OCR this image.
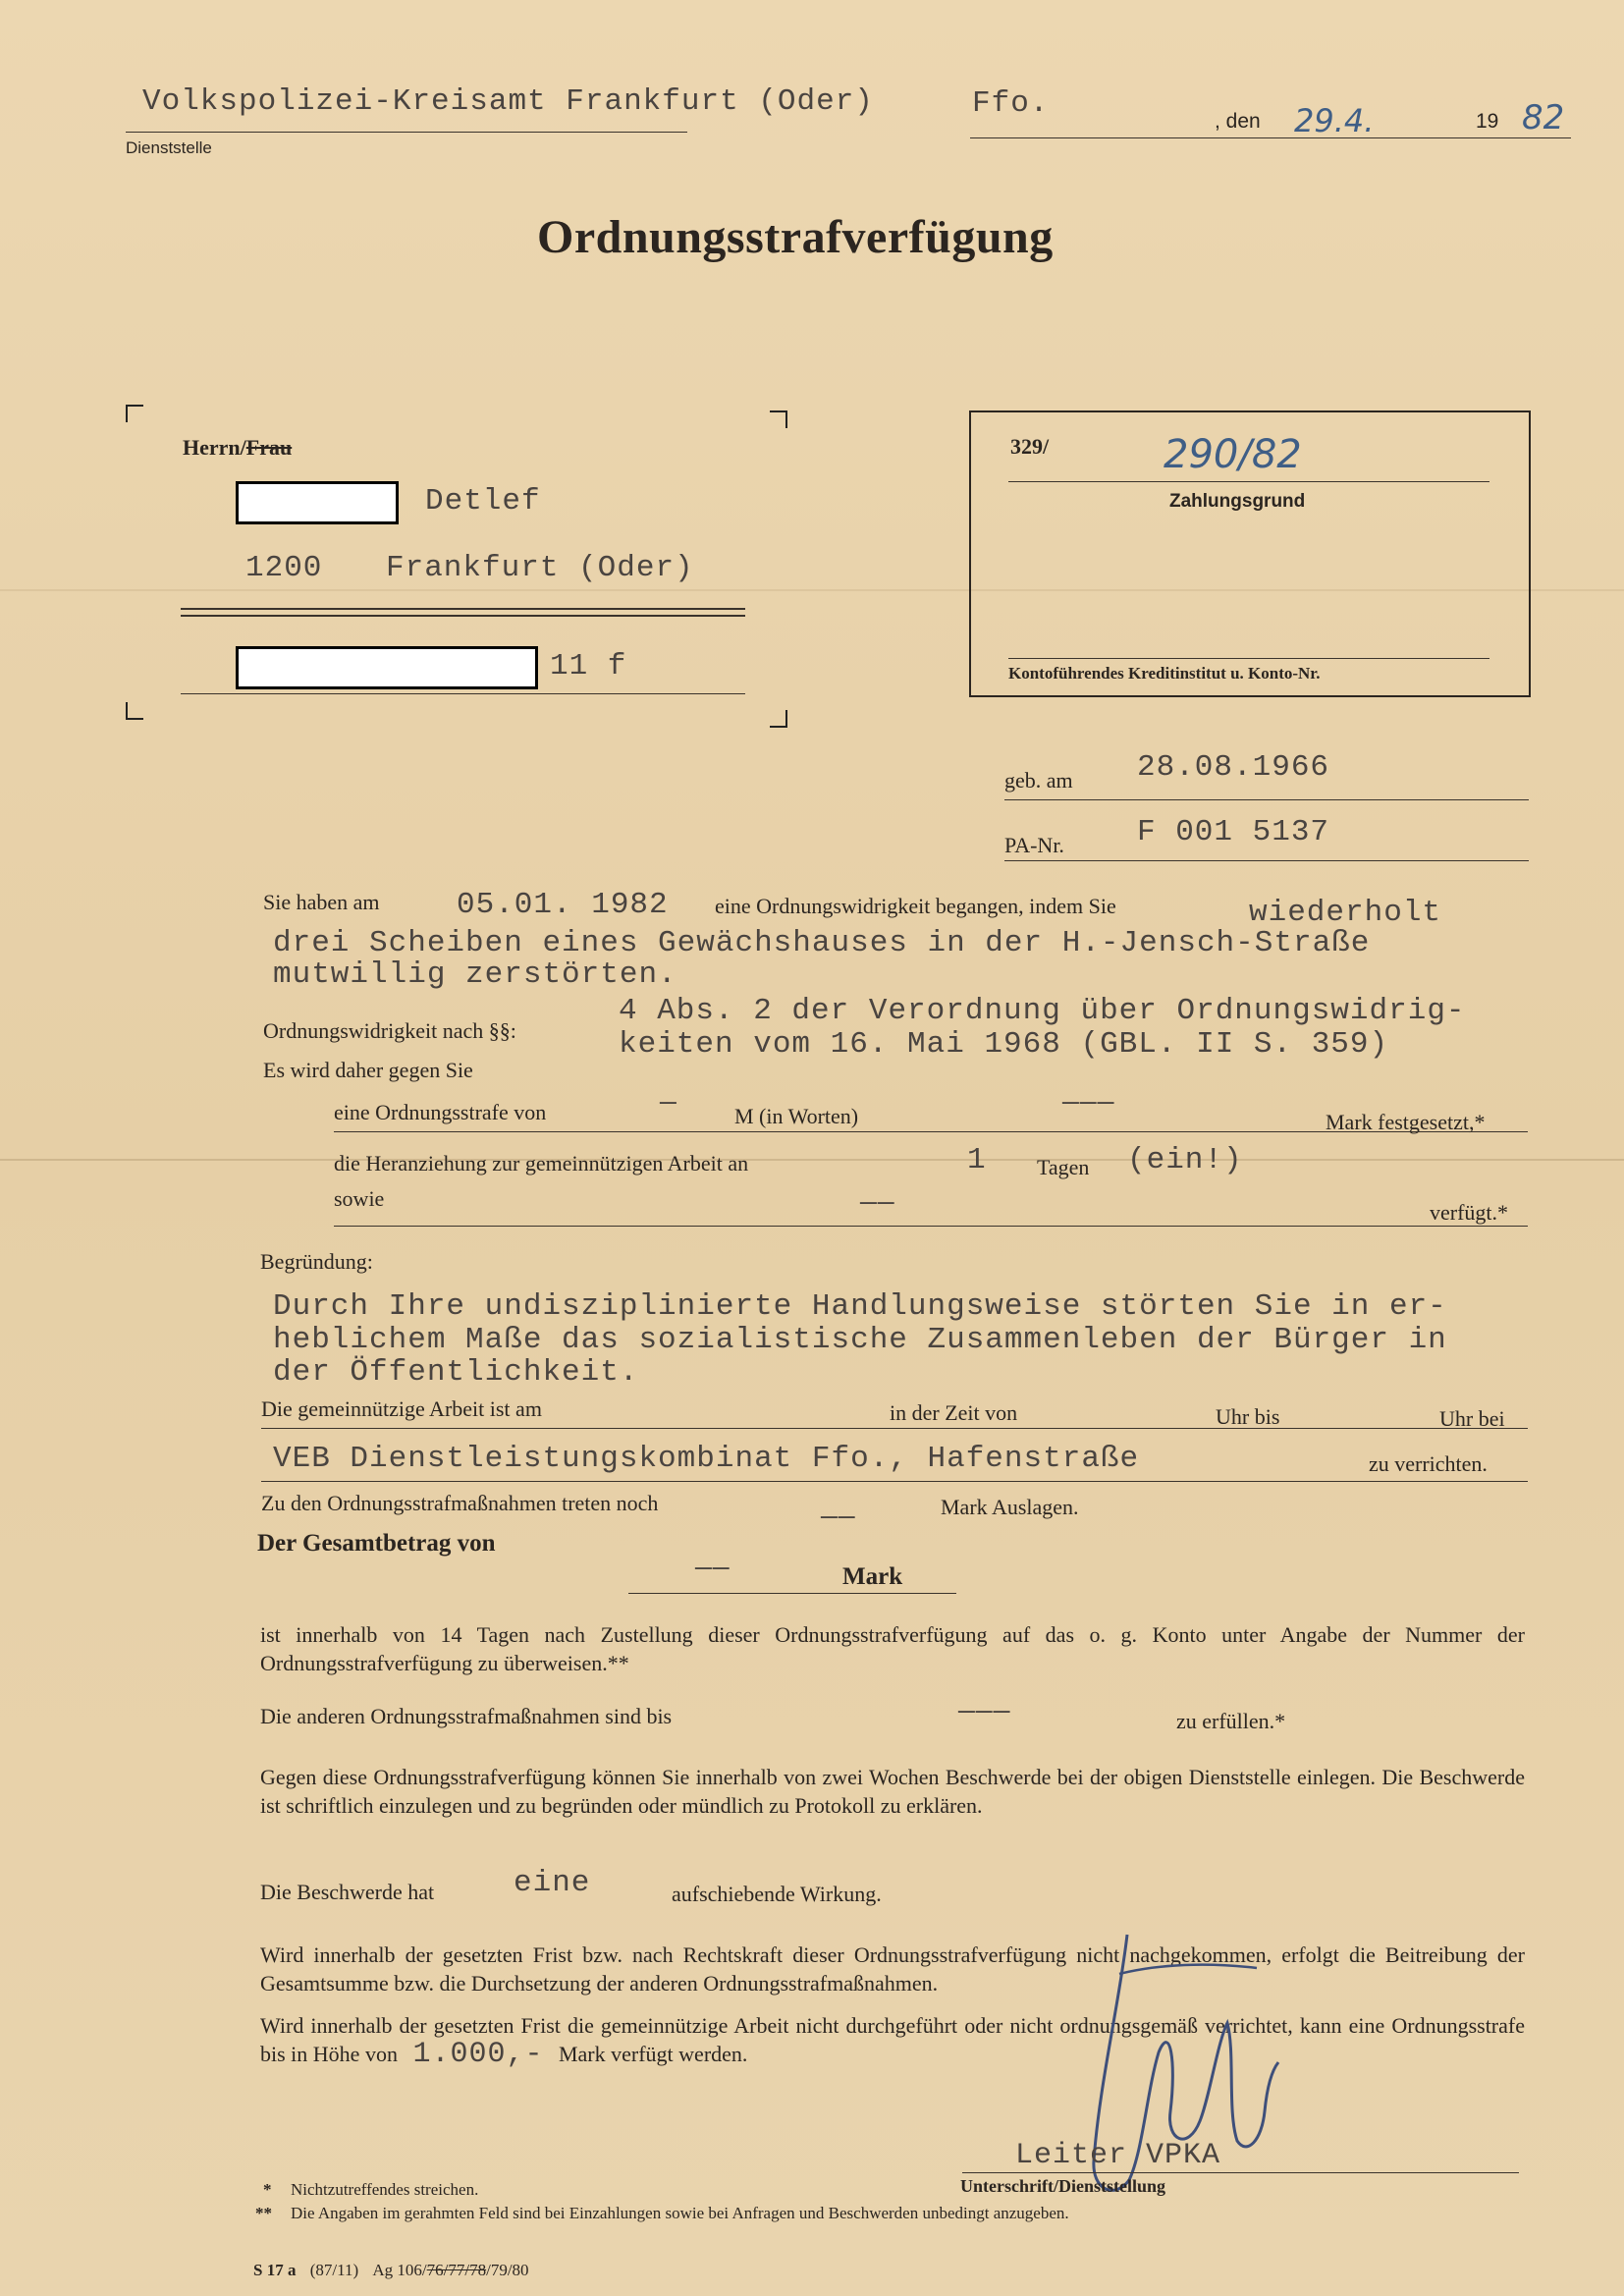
Volkspolizei-Kreisamt Frankfurt (Oder)
Dienststelle
Ffo.
, den 29.4.	19 82
Ordnungsstrafverfügung
Herrn/Frau
Detlef
1200 Frankfurt (Oder)
11 f
329/	290/82
Zahlungsgrund
Kontoführendes Kreditinstitut u. Konto-Nr.
geb. am 28.08.1966
PA-Nr. F 001 5137
Sie haben am	05.01. 1982 eine Ordnungswidrigkeit begangen, indem Sie	wiederholt
drei Scheiben eines Gewächshauses in der H.-Jensch-Straße
mutwillig zerstörten.
Ordnungswidrigkeit nach §§:
4 Abs. 2 der Verordnung über Ordnungswidrig-
keiten vom 16. Mai 1968 (GBL. II S. 359)
Es wird daher gegen Sie
eine Ordnungsstrafe von	—	M (in Worten)	———
Mark festgesetzt,*
die Heranziehung zur gemeinnützigen Arbeit an	1 Tagen (ein!)
sowie	——	verfügt.*
Begründung:
Durch Ihre undisziplinierte Handlungsweise störten Sie in er-
heblichem Maße das sozialistische Zusammenleben der Bürger in
der Öffentlichkeit.
Die gemeinnützige Arbeit ist am	in der Zeit von	Uhr bis	Uhr bei
VEB Dienstleistungskombinat Ffo., Hafenstraße	zu verrichten.
Zu den Ordnungsstrafmaßnahmen treten noch	——	Mark Auslagen.
Der Gesamtbetrag von
——	Mark
ist innerhalb von 14 Tagen nach Zustellung dieser Ordnungsstrafverfügung auf das o. g. Konto unter Angabe der Nummer der Ordnungsstrafverfügung zu überweisen.**
Die anderen Ordnungsstrafmaßnahmen sind bis	———	zu erfüllen.*
Gegen diese Ordnungsstrafverfügung können Sie innerhalb von zwei Wochen Beschwerde bei der obigen Dienststelle einlegen. Die Beschwerde ist schriftlich einzulegen und zu begründen oder mündlich zu Protokoll zu erklären.
Die Beschwerde hat	eine	aufschiebende Wirkung.
Wird innerhalb der gesetzten Frist bzw. nach Rechtskraft dieser Ordnungsstrafverfügung nicht nachgekommen, erfolgt die Beitreibung der Gesamtsumme bzw. die Durchsetzung der anderen Ordnungsstrafmaßnahmen.
Wird innerhalb der gesetzten Frist die gemeinnützige Arbeit nicht durchgeführt oder nicht ordnungsgemäß verrichtet, kann eine Ordnungsstrafe bis in Höhe von 1.000,- Mark verfügt werden.
Leiter VPKA
Unterschrift/Dienststellung
* Nichtzutreffendes streichen.
** Die Angaben im gerahmten Feld sind bei Einzahlungen sowie bei Anfragen und Beschwerden unbedingt anzugeben.
S 17 a (87/11) Ag 106/76/77/78/79/80
